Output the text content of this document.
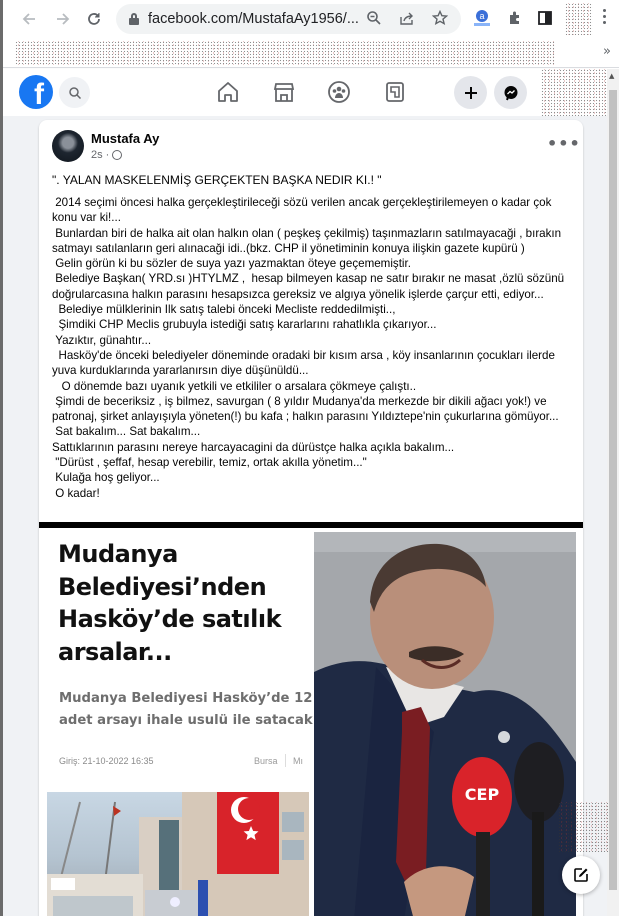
facebook.com/MustafaAy1956/...	a
»
f
▲
Mustafa Ay
2s ·
•••
". YALAN MASKELENMİŞ GERÇEKTEN BAŞKA NEDIR KI.! "

2014 seçimi öncesi halka gerçekleştirileceği sözü verilen ancak gerçekleştirilemeyen o kadar çok konu var ki!...

Bunlardan biri de halka ait olan halkın olan ( peşkeş çekilmiş) taşınmazların satılmayacaği , bırakın satmayı satılanların geri alınacaği idi..(bkz. CHP il yönetiminin konuya ilişkin gazete kupürü )

Gelin görün ki bu sözler de suya yazı yazmaktan öteye geçememiştir.

Belediye Başkan( YRD.sı )HTYLMZ ,  hesap bilmeyen kasap ne satır bırakır ne masat ,özlü sözünü doğrularcasına halkın parasını hesapsızca gereksiz ve algıya yönelik işlerde çarçur etti, ediyor...

Belediye mülklerinin Ilk satış talebi önceki Mecliste reddedilmişti..,

Şimdiki CHP Meclis grubuyla istediği satış kararlarını rahatlıkla çıkarıyor...

Yazıktır, günahtır...

Hasköy'de önceki belediyeler döneminde oradaki bir kısım arsa , köy insanlarının çocukları ilerde yuva kurduklarında yararlanırsın diye düşünüldü...

O dönemde bazı uyanık yetkili ve etkililer o arsalara çökmeye çalıştı..

Şimdi de beceriksiz , iş bilmez, savurgan ( 8 yıldır Mudanya'da merkezde bir dikili ağacı yok!) ve patronaj, şirket anlayışıyla yöneten(!) bu kafa ; halkın parasını Yıldıztepe'nin çukurlarına gömüyor...

Sat bakalım... Sat bakalım...

Sattıklarının parasını nereye harcayacagini da dürüstçe halka açıkla bakalım...

"Dürüst , şeffaf, hesap verebilir, temiz, ortak akılla yönetim..."

Kulağa hoş geliyor...

O kadar!

Mudanya Belediyesi’nden Hasköy’de satılık arsalar...
Mudanya Belediyesi Hasköy’de 12
adet arsayı ihale usulü ile satacak
Giriş: 21-10-2022 16:35	Bursa Mı
CEP
